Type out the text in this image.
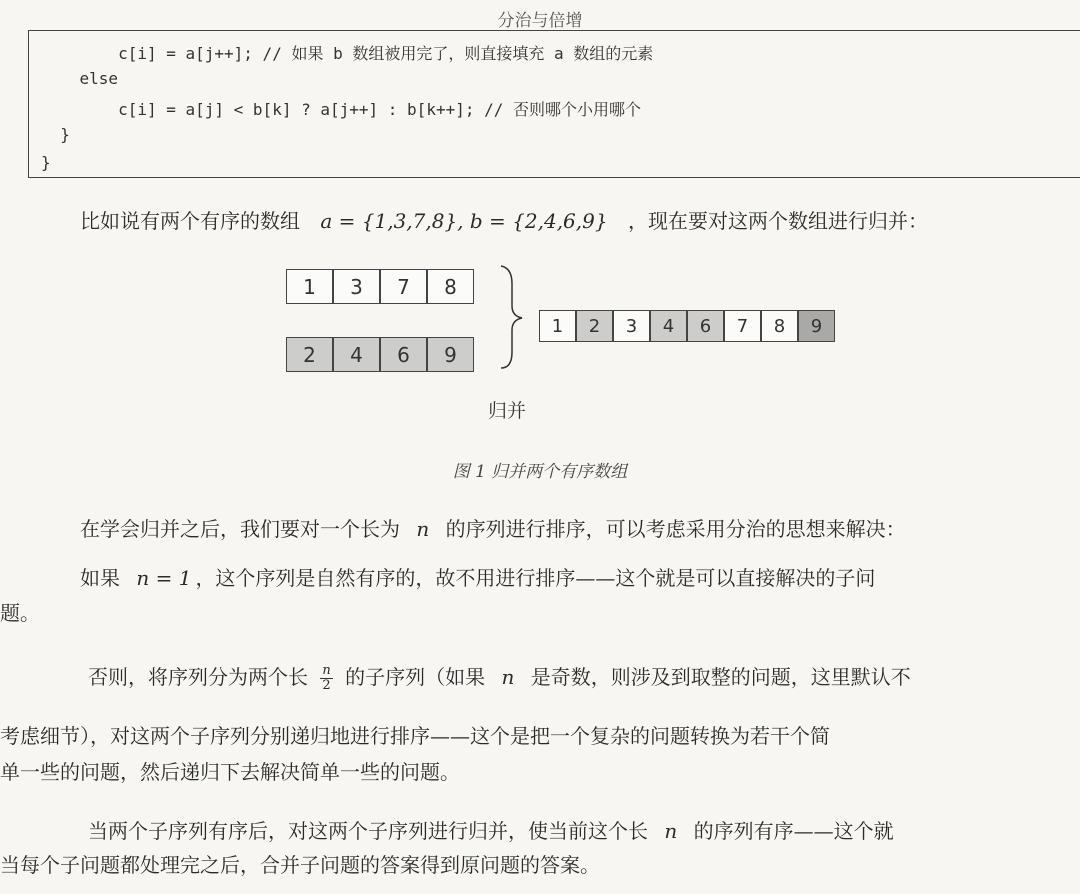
分治与倍增
c[i] = a[j++]; // 如果 b 数组被用完了，则直接填充 a 数组的元素
else
c[i] = a[j] < b[k] ? a[j++] : b[k++]; // 否则哪个小用哪个
}
}
比如说有两个有序的数组 a = {1,3,7,8}, b = {2,4,6,9} ，现在要对这两个数组进行归并：
1	3	7	8
2	4	6	9
1	2	3	4	6	7	8	9
归并
图 1 归并两个有序数组
在学会归并之后，我们要对一个长为 n 的序列进行排序，可以考虑采用分治的思想来解决：
如果 n = 1 ，这个序列是自然有序的，故不用进行排序——这个就是可以直接解决的子问
题。
否则，将序列分为两个长 $\frac{n}{2}$ 的子序列（如果 n 是奇数，则涉及到取整的问题，这里默认不
考虑细节），对这两个子序列分别递归地进行排序——这个是把一个复杂的问题转换为若干个简
单一些的问题，然后递归下去解决简单一些的问题。
当两个子序列有序后，对这两个子序列进行归并，使当前这个长 n 的序列有序——这个就
当每个子问题都处理完之后，合并子问题的答案得到原问题的答案。
